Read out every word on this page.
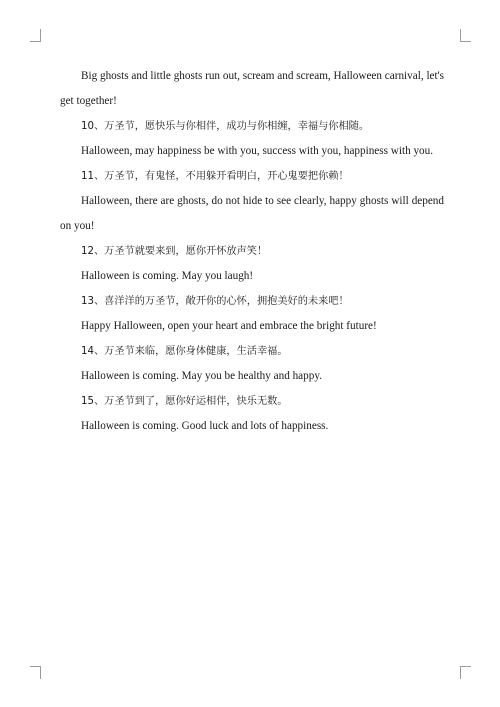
Big ghosts and little ghosts run out, scream and scream, Halloween carnival, let's get together!

10、万圣节，愿快乐与你相伴，成功与你相缠，幸福与你相随。

Halloween, may happiness be with you, success with you, happiness with you.

11、万圣节，有鬼怪，不用躲开看明白，开心鬼要把你赖！

Halloween, there are ghosts, do not hide to see clearly, happy ghosts will depend on you!

12、万圣节就要来到，愿你开怀放声笑！

Halloween is coming. May you laugh!

13、喜洋洋的万圣节，敞开你的心怀，拥抱美好的未来吧！

Happy Halloween, open your heart and embrace the bright future!

14、万圣节来临，愿你身体健康，生活幸福。

Halloween is coming. May you be healthy and happy.

15、万圣节到了，愿你好运相伴，快乐无数。

Halloween is coming. Good luck and lots of happiness.
